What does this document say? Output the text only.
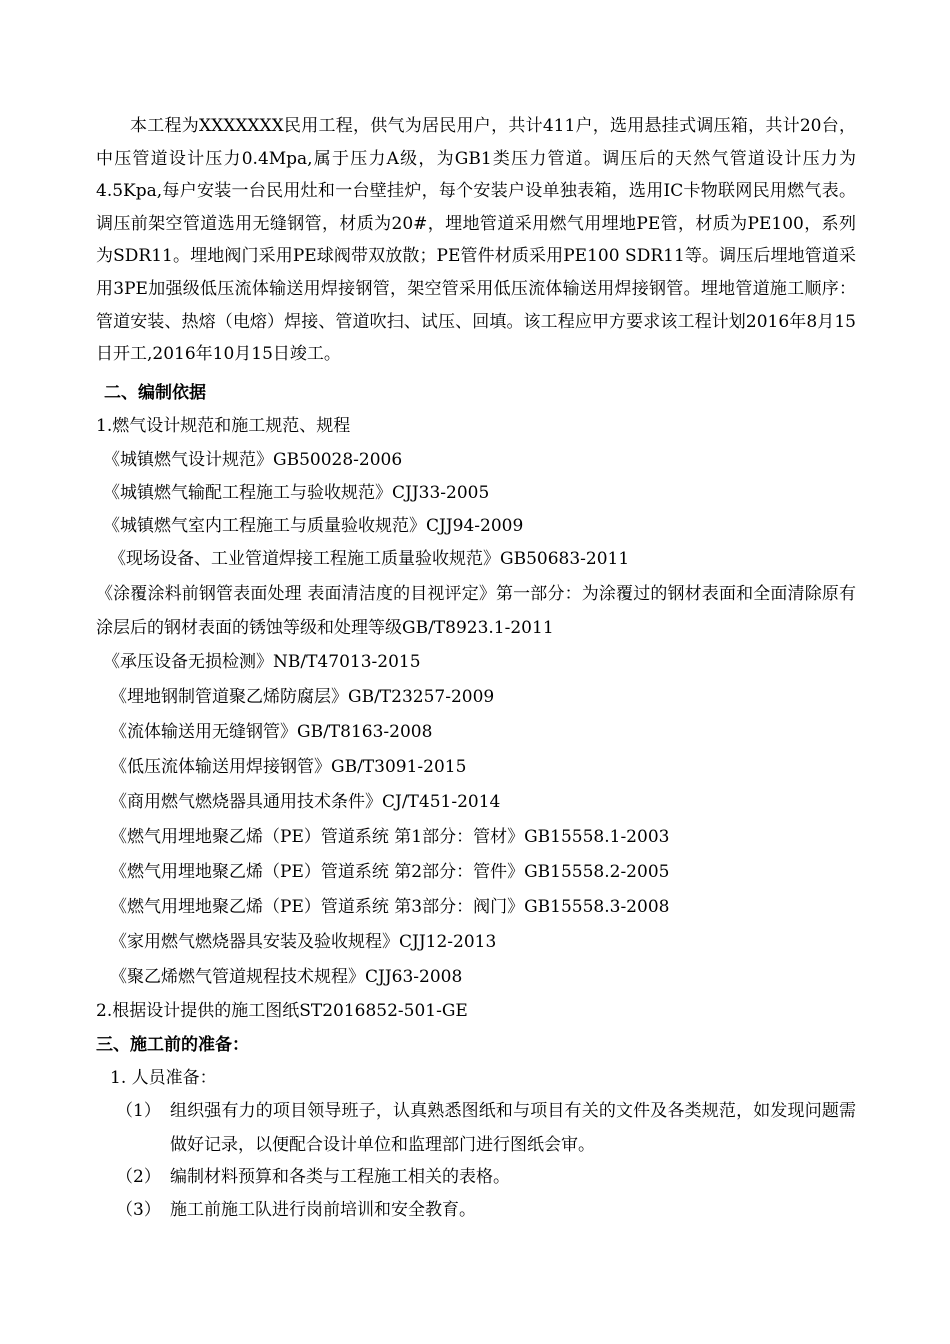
本工程为XXXXXXX民用工程，供气为居民用户，共计411户，选用悬挂式调压箱，共计20台，中压管道设计压力0.4Mpa,属于压力A级，为GB1类压力管道。调压后的天然气管道设计压力为4.5Kpa,每户安装一台民用灶和一台壁挂炉，每个安装户设单独表箱，选用IC卡物联网民用燃气表。调压前架空管道选用无缝钢管，材质为20#，埋地管道采用燃气用埋地PE管，材质为PE100，系列为SDR11。埋地阀门采用PE球阀带双放散；PE管件材质采用PE100 SDR11等。调压后埋地管道采用3PE加强级低压流体输送用焊接钢管，架空管采用低压流体输送用焊接钢管。埋地管道施工顺序：管道安装、热熔（电熔）焊接、管道吹扫、试压、回填。该工程应甲方要求该工程计划2016年8月15日开工,2016年10月15日竣工。

二、编制依据
1.燃气设计规范和施工规范、规程
《城镇燃气设计规范》GB50028-2006
《城镇燃气输配工程施工与验收规范》CJJ33-2005
《城镇燃气室内工程施工与质量验收规范》CJJ94-2009
《现场设备、工业管道焊接工程施工质量验收规范》GB50683-2011

《涂覆涂料前钢管表面处理 表面清洁度的目视评定》第一部分：为涂覆过的钢材表面和全面清除原有涂层后的钢材表面的锈蚀等级和处理等级GB/T8923.1-2011

《承压设备无损检测》NB/T47013-2015
《埋地钢制管道聚乙烯防腐层》GB/T23257-2009
《流体输送用无缝钢管》GB/T8163-2008
《低压流体输送用焊接钢管》GB/T3091-2015
《商用燃气燃烧器具通用技术条件》CJ/T451-2014
《燃气用埋地聚乙烯（PE）管道系统 第1部分：管材》GB15558.1-2003
《燃气用埋地聚乙烯（PE）管道系统 第2部分：管件》GB15558.2-2005
《燃气用埋地聚乙烯（PE）管道系统 第3部分：阀门》GB15558.3-2008
《家用燃气燃烧器具安装及验收规程》CJJ12-2013
《聚乙烯燃气管道规程技术规程》CJJ63-2008
2.根据设计提供的施工图纸ST2016852-501-GE
三、施工前的准备：
1. 人员准备：
（1） 组织强有力的项目领导班子，认真熟悉图纸和与项目有关的文件及各类规范，如发现问题需做好记录，以便配合设计单位和监理部门进行图纸会审。

（2） 编制材料预算和各类与工程施工相关的表格。

（3） 施工前施工队进行岗前培训和安全教育。
